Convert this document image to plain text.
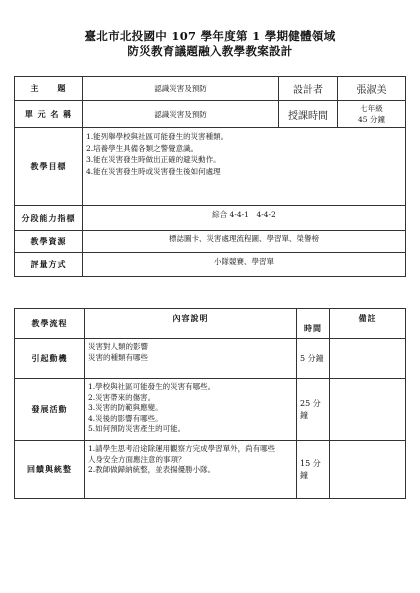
臺北市北投國中 107 學年度第 1 學期健體領域
防災教育議題融入教學教案設計
主　　題	認識災害及預防	設計者	張淑美
單 元 名 稱	認識災害及預防	授課時間	七年級
45 分鐘

教學目標	1.能列舉學校與社區可能發生的災害種類。
2.培養學生具備各類之警覺意識。
3.能在災害發生時做出正確的避災動作。
4.能在災害發生時或災害發生後如何處理		

分段能力指標	綜合 4-4-1　4-4-2		
教學資源	標誌圖卡、災害處理流程圖、學習單、榮譽榜		
評量方式	小隊競賽、學習單		
教學流程	內容說明	時間	備註
引起動機	災害對人類的影響
災害的種類有哪些	5 分鐘	
發展活動	1.學校與社區可能發生的災害有哪些。
2.災害帶來的傷害。
3.災害的防範與應變。
4.災後的影響有哪些。
5.如何預防災害產生的可能。	25 分鐘	
回饋與統整	1.請學生思考沿途除運用觀察方完成學習單外，尚有哪些
人身安全方面應注意的事項？
2.教師做歸納統整，並表揚優勝小隊。	15 分鐘	
